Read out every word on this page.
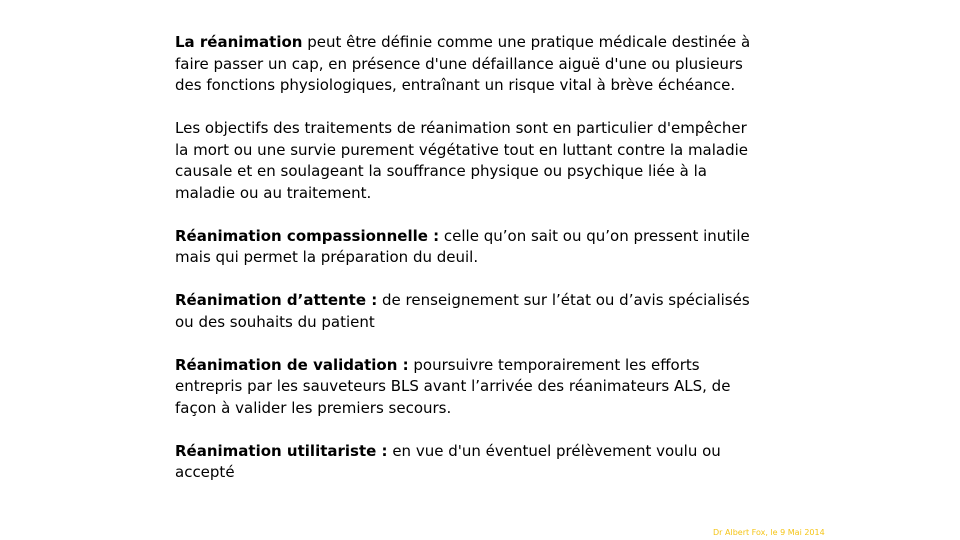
La réanimation peut être définie comme une pratique médicale destinée à faire passer un cap, en présence d'une défaillance aiguë d'une ou plusieurs des fonctions physiologiques, entraînant un risque vital à brève échéance.

Les objectifs des traitements de réanimation sont en particulier d'empêcher la mort ou une survie purement végétative tout en luttant contre la maladie causale et en soulageant la souffrance physique ou psychique liée à la maladie ou au traitement.

Réanimation compassionnelle : celle qu’on sait ou qu’on pressent inutile mais qui permet la préparation du deuil.

Réanimation d’attente : de renseignement sur l’état ou d’avis spécialisés ou des souhaits du patient

Réanimation de validation : poursuivre temporairement les efforts entrepris par les sauveteurs BLS avant l’arrivée des réanimateurs ALS, de façon à valider les premiers secours.

Réanimation utilitariste : en vue d'un éventuel prélèvement voulu ou accepté

Dr Albert Fox, le 9 Mai 2014
